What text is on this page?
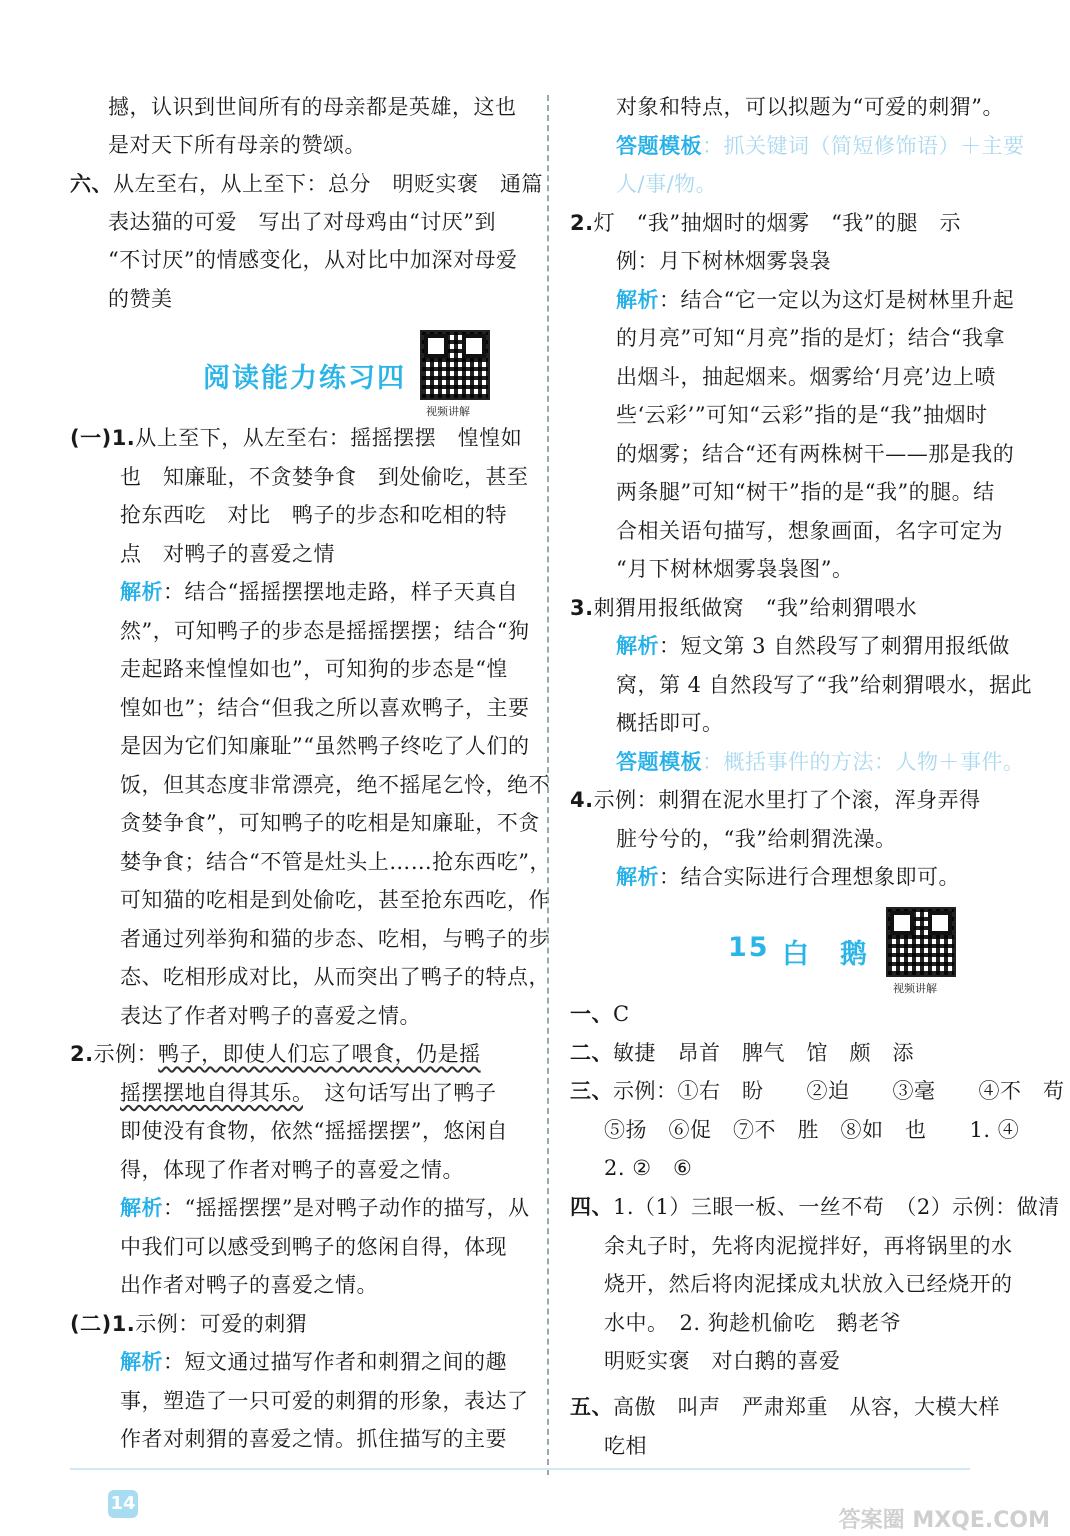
撼，认识到世间所有的母亲都是英雄，这也
是对天下所有母亲的赞颂。
六、从左至右，从上至下：总分　明贬实褒　通篇
表达猫的可爱　写出了对母鸡由“讨厌”到
“不讨厌”的情感变化，从对比中加深对母爱
的赞美
(一)1.从上至下，从左至右：摇摇摆摆　惶惶如
也　知廉耻，不贪婪争食　到处偷吃，甚至
抢东西吃　对比　鸭子的步态和吃相的特
点　对鸭子的喜爱之情
解析：结合“摇摇摆摆地走路，样子天真自
然”，可知鸭子的步态是摇摇摆摆；结合“狗
走起路来惶惶如也”，可知狗的步态是“惶
惶如也”；结合“但我之所以喜欢鸭子，主要
是因为它们知廉耻”“虽然鸭子终吃了人们的
饭，但其态度非常漂亮，绝不摇尾乞怜，绝不
贪婪争食”，可知鸭子的吃相是知廉耻，不贪
婪争食；结合“不管是灶头上……抢东西吃”，
可知猫的吃相是到处偷吃，甚至抢东西吃，作
者通过列举狗和猫的步态、吃相，与鸭子的步
态、吃相形成对比，从而突出了鸭子的特点，
表达了作者对鸭子的喜爱之情。
2.示例：鸭子，即使人们忘了喂食，仍是摇
摇摆摆地自得其乐。　这句话写出了鸭子
即使没有食物，依然“摇摇摆摆”，悠闲自
得，体现了作者对鸭子的喜爱之情。
解析：“摇摇摆摆”是对鸭子动作的描写，从
中我们可以感受到鸭子的悠闲自得，体现
出作者对鸭子的喜爱之情。
(二)1.示例：可爱的刺猬
解析：短文通过描写作者和刺猬之间的趣
事，塑造了一只可爱的刺猬的形象，表达了
作者对刺猬的喜爱之情。抓住描写的主要
对象和特点，可以拟题为“可爱的刺猬”。
答题模板：抓关键词（简短修饰语）＋主要
人/事/物。
2.灯　“我”抽烟时的烟雾　“我”的腿　示
例：月下树林烟雾袅袅
解析：结合“它一定以为这灯是树林里升起
的月亮”可知“月亮”指的是灯；结合“我拿
出烟斗，抽起烟来。烟雾给‘月亮’边上喷
些‘云彩’”可知“云彩”指的是“我”抽烟时
的烟雾；结合“还有两株树干——那是我的
两条腿”可知“树干”指的是“我”的腿。结
合相关语句描写，想象画面，名字可定为
“月下树林烟雾袅袅图”。
3.刺猬用报纸做窝　“我”给刺猬喂水
解析：短文第 3 自然段写了刺猬用报纸做
窝，第 4 自然段写了“我”给刺猬喂水，据此
概括即可。
答题模板：概括事件的方法：人物＋事件。
4.示例：刺猬在泥水里打了个滚，浑身弄得
脏兮兮的，“我”给刺猬洗澡。
解析：结合实际进行合理想象即可。
一、C
二、敏捷　昂首　脾气　馆　颇　添
三、示例：①右　盼　　②迫　　③毫　　④不　苟
⑤扬　⑥促　⑦不　胜　⑧如　也　　1. ④
2. ②　⑥
四、1.（1）三眼一板、一丝不苟　（2）示例：做清
余丸子时，先将肉泥搅拌好，再将锅里的水
烧开，然后将肉泥揉成丸状放入已经烧开的
水中。　2. 狗趁机偷吃　鹅老爷
明贬实褒　对白鹅的喜爱
五、高傲　叫声　严肃郑重　从容，大模大样
吃相
阅读能力练习四
视频讲解
15 白　鹅
视频讲解
14
答案圈 MXQE.COM
